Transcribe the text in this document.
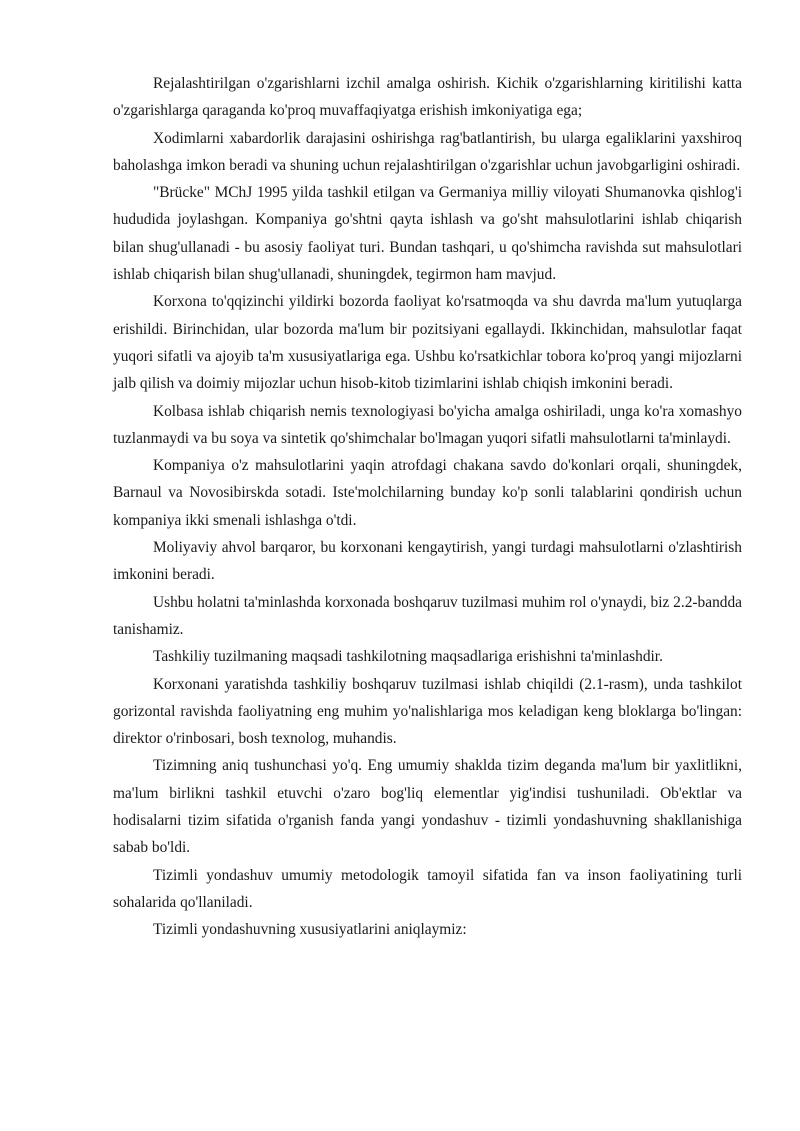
Rejalashtirilgan o'zgarishlarni izchil amalga oshirish. Kichik o'zgarishlarning kiritilishi katta o'zgarishlarga qaraganda ko'proq muvaffaqiyatga erishish imkoniyatiga ega;

Xodimlarni xabardorlik darajasini oshirishga rag'batlantirish, bu ularga egaliklarini yaxshiroq baholashga imkon beradi va shuning uchun rejalashtirilgan o'zgarishlar uchun javobgarligini oshiradi.

"Brücke" MChJ 1995 yilda tashkil etilgan va Germaniya milliy viloyati Shumanovka qishlog'i hududida joylashgan. Kompaniya go'shtni qayta ishlash va go'sht mahsulotlarini ishlab chiqarish bilan shug'ullanadi - bu asosiy faoliyat turi. Bundan tashqari, u qo'shimcha ravishda sut mahsulotlari ishlab chiqarish bilan shug'ullanadi, shuningdek, tegirmon ham mavjud.

Korxona to'qqizinchi yildirki bozorda faoliyat ko'rsatmoqda va shu davrda ma'lum yutuqlarga erishildi. Birinchidan, ular bozorda ma'lum bir pozitsiyani egallaydi. Ikkinchidan, mahsulotlar faqat yuqori sifatli va ajoyib ta'm xususiyatlariga ega. Ushbu ko'rsatkichlar tobora ko'proq yangi mijozlarni jalb qilish va doimiy mijozlar uchun hisob-kitob tizimlarini ishlab chiqish imkonini beradi.

Kolbasa ishlab chiqarish nemis texnologiyasi bo'yicha amalga oshiriladi, unga ko'ra xomashyo tuzlanmaydi va bu soya va sintetik qo'shimchalar bo'lmagan yuqori sifatli mahsulotlarni ta'minlaydi.

Kompaniya o'z mahsulotlarini yaqin atrofdagi chakana savdo do'konlari orqali, shuningdek, Barnaul va Novosibirskda sotadi. Iste'molchilarning bunday ko'p sonli talablarini qondirish uchun kompaniya ikki smenali ishlashga o'tdi.

Moliyaviy ahvol barqaror, bu korxonani kengaytirish, yangi turdagi mahsulotlarni o'zlashtirish imkonini beradi.

Ushbu holatni ta'minlashda korxonada boshqaruv tuzilmasi muhim rol o'ynaydi, biz 2.2-bandda tanishamiz.

Tashkiliy tuzilmaning maqsadi tashkilotning maqsadlariga erishishni ta'minlashdir.

Korxonani yaratishda tashkiliy boshqaruv tuzilmasi ishlab chiqildi (2.1-rasm), unda tashkilot gorizontal ravishda faoliyatning eng muhim yo'nalishlariga mos keladigan keng bloklarga bo'lingan: direktor o'rinbosari, bosh texnolog, muhandis.

Tizimning aniq tushunchasi yo'q. Eng umumiy shaklda tizim deganda ma'lum bir yaxlitlikni, ma'lum birlikni tashkil etuvchi o'zaro bog'liq elementlar yig'indisi tushuniladi. Ob'ektlar va hodisalarni tizim sifatida o'rganish fanda yangi yondashuv - tizimli yondashuvning shakllanishiga sabab bo'ldi.

Tizimli yondashuv umumiy metodologik tamoyil sifatida fan va inson faoliyatining turli sohalarida qo'llaniladi.

Tizimli yondashuvning xususiyatlarini aniqlaymiz:
